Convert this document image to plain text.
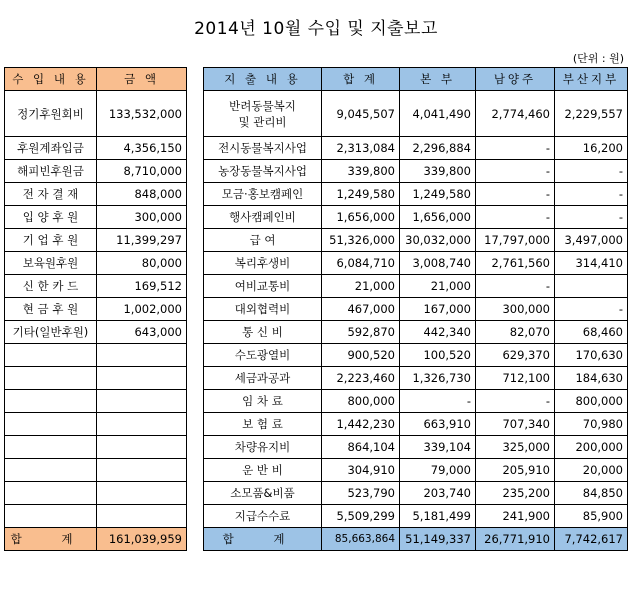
2014년 10월 수입 및 지출보고
(단위 : 원)
수 입 내 용	금 액
정기후원회비	133,532,000
후원계좌입금	4,356,150
해피빈후원금	8,710,000
전 자 결 재	848,000
입 양 후 원	300,000
기 업 후 원	11,399,297
보육원후원	80,000
신 한 카 드	169,512
현 금 후 원	1,002,000
기타(일반후원)	643,000

합 계	161,039,959
지 출 내 용	합 계	본 부	남양주	부산지부
반려동물복지
및 관리비	9,045,507	4,041,490	2,774,460	2,229,557
전시동물복지사업	2,313,084	2,296,884	-	16,200
농장동물복지사업	339,800	339,800	-	-
모금·홍보캠페인	1,249,580	1,249,580	-	-
행사캠페인비	1,656,000	1,656,000	-	-
급 여	51,326,000	30,032,000	17,797,000	3,497,000
복리후생비	6,084,710	3,008,740	2,761,560	314,410
여비교통비	21,000	21,000	-	
대외협력비	467,000	167,000	300,000	-
통 신 비	592,870	442,340	82,070	68,460
수도광열비	900,520	100,520	629,370	170,630
세금과공과	2,223,460	1,326,730	712,100	184,630
임 차 료	800,000	-	-	800,000
보 험 료	1,442,230	663,910	707,340	70,980
차량유지비	864,104	339,104	325,000	200,000
운 반 비	304,910	79,000	205,910	20,000
소모품&비품	523,790	203,740	235,200	84,850
지급수수료	5,509,299	5,181,499	241,900	85,900
합 계	85,663,864	51,149,337	26,771,910	7,742,617
